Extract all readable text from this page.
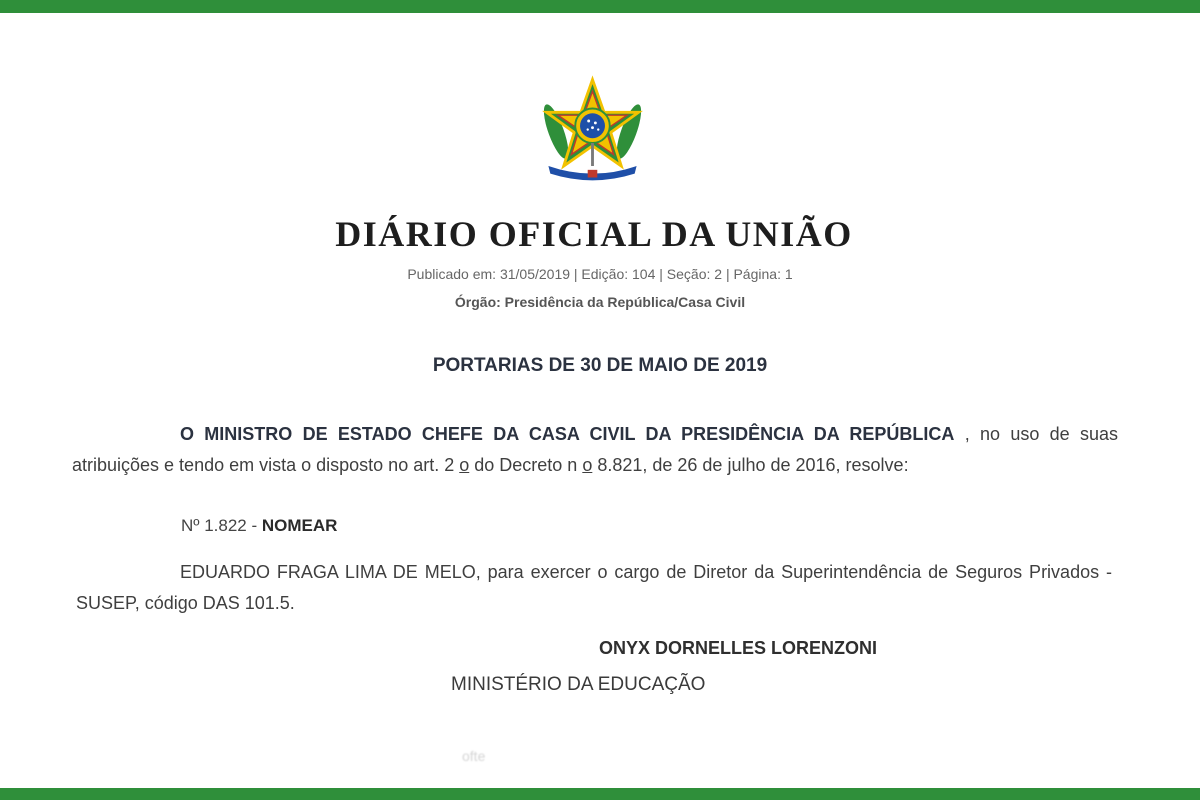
DIÁRIO OFICIAL DA UNIÃO
Publicado em: 31/05/2019 | Edição: 104 | Seção: 2 | Página: 1
Órgão: Presidência da República/Casa Civil
PORTARIAS DE 30 DE MAIO DE 2019
O MINISTRO DE ESTADO CHEFE DA CASA CIVIL DA PRESIDÊNCIA DA REPÚBLICA , no uso de suas atribuições e tendo em vista o disposto no art. 2 o do Decreto n o 8.821, de 26 de julho de 2016, resolve:
Nº 1.822 - NOMEAR
EDUARDO FRAGA LIMA DE MELO, para exercer o cargo de Diretor da Superintendência de Seguros Privados - SUSEP, código DAS 101.5.
ONYX DORNELLES LORENZONI
MINISTÉRIO DA EDUCAÇÃO
ofte
